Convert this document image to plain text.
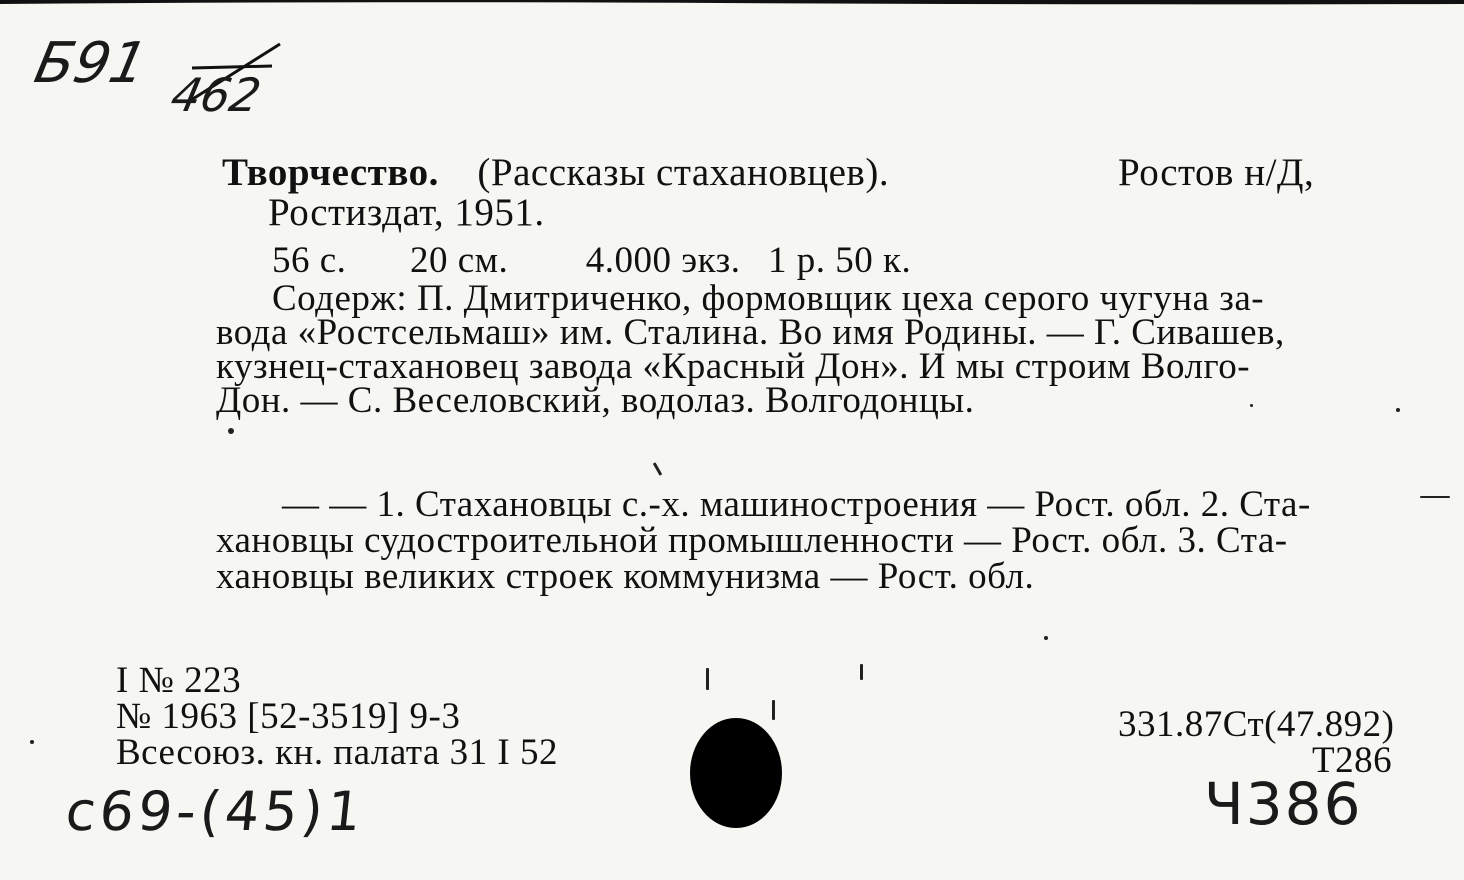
Б91 462
Творчество. (Рассказы стахановцев).	Ростов н/Д,
Ростиздат, 1951.
56 с. 20 см. 4.000 экз. 1 р. 50 к.
Содерж: П. Дмитриченко, формовщик цеха серого чугуна за-
вода «Ростсельмаш» им. Сталина. Во имя Родины. — Г. Сивашев,
кузнец-стахановец завода «Красный Дон». И мы строим Волго-
Дон. — С. Веселовский, водолаз. Волгодонцы.
— — 1. Стахановцы с.-х. машиностроения — Рост. обл. 2. Ста-
хановцы судостроительной промышленности — Рост. обл. 3. Ста-
хановцы великих строек коммунизма — Рост. обл.
I № 223
№ 1963 [52-3519] 9-3
Всесоюз. кн. палата 31 I 52
331.87Ст(47.892)
Т286
с69-(45)1	Ч386
